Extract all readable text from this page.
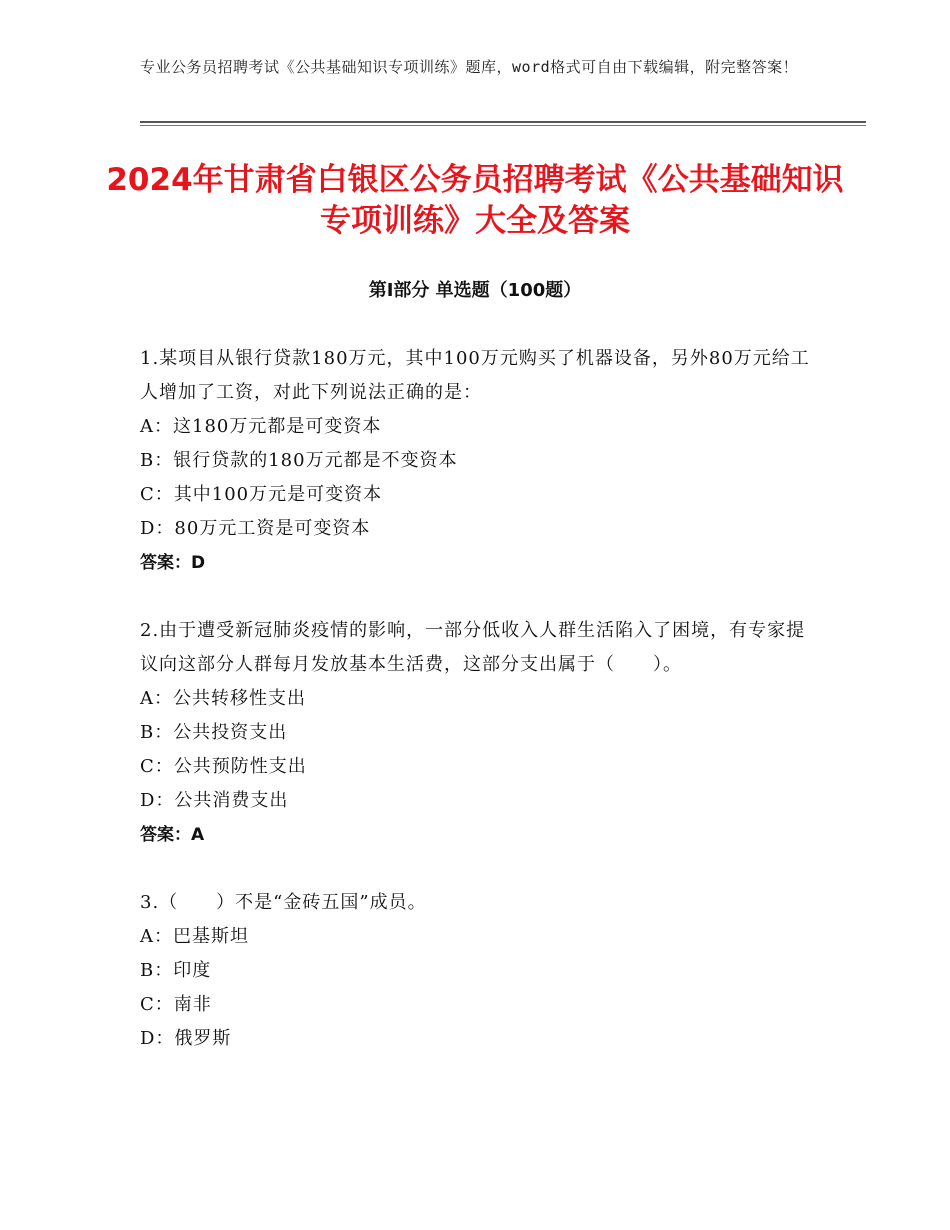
专业公务员招聘考试《公共基础知识专项训练》题库，word格式可自由下载编辑，附完整答案！
2024年甘肃省白银区公务员招聘考试《公共基础知识专项训练》大全及答案
第Ⅰ部分 单选题（100题）

1.某项目从银行贷款180万元，其中100万元购买了机器设备，另外80万元给工人增加了工资，对此下列说法正确的是：

A：这180万元都是可变资本

B：银行贷款的180万元都是不变资本

C：其中100万元是可变资本

D：80万元工资是可变资本

答案：D

2.由于遭受新冠肺炎疫情的影响，一部分低收入人群生活陷入了困境，有专家提议向这部分人群每月发放基本生活费，这部分支出属于（　　）。

A：公共转移性支出

B：公共投资支出

C：公共预防性支出

D：公共消费支出

答案：A

3.（　　）不是“金砖五国”成员。

A：巴基斯坦

B：印度

C：南非

D：俄罗斯
